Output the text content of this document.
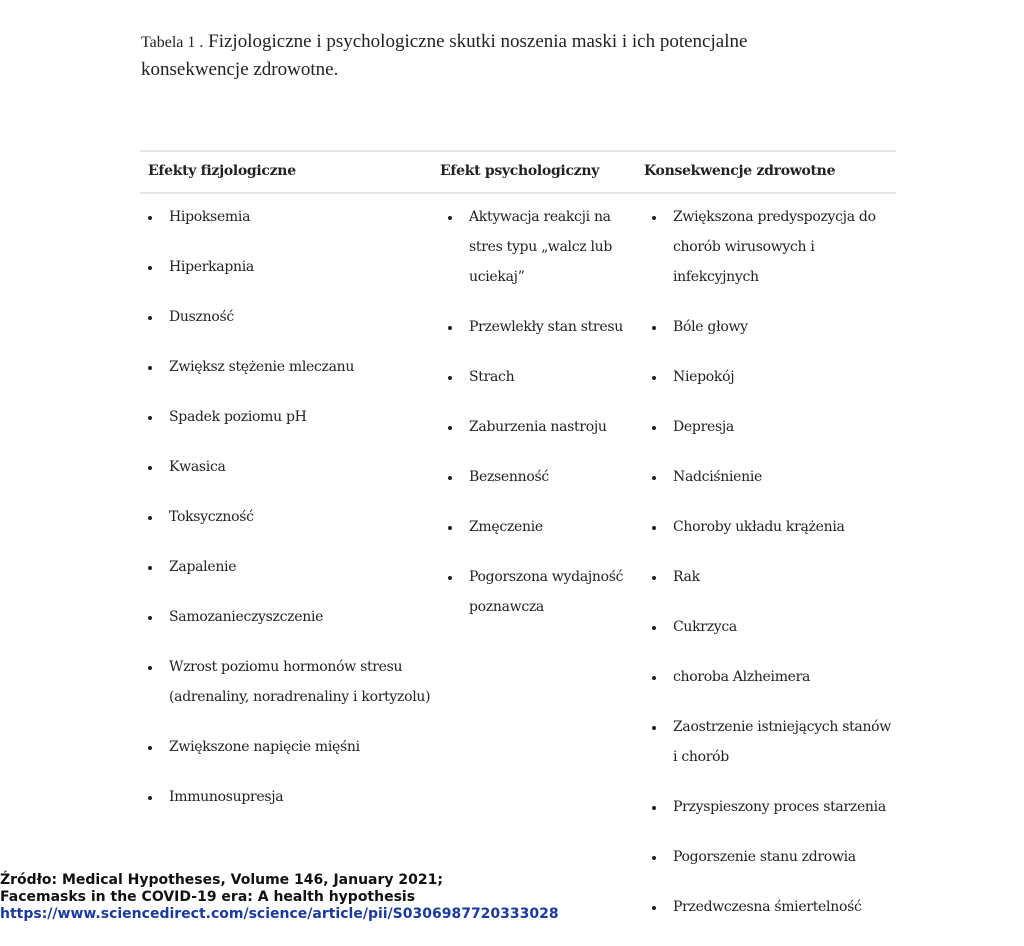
Tabela 1 . Fizjologiczne i psychologiczne skutki noszenia maski i ich potencjalne konsekwencje zdrowotne.
Efekty fizjologiczne	Efekt psychologiczny	Konsekwencje zdrowotne
Hipoksemia
Hiperkapnia
Duszność
Zwiększ stężenie mleczanu
Spadek poziomu pH
Kwasica
Toksyczność
Zapalenie
Samozanieczyszczenie
Wzrost poziomu hormonów stresu (adrenaliny, noradrenaliny i kortyzolu)
Zwiększone napięcie mięśni
Immunosupresja
Aktywacja reakcji na stres typu „walcz lub uciekaj”
Przewlekły stan stresu
Strach
Zaburzenia nastroju
Bezsenność
Zmęczenie
Pogorszona wydajność poznawcza
Zwiększona predyspozycja do chorób wirusowych i infekcyjnych
Bóle głowy
Niepokój
Depresja
Nadciśnienie
Choroby układu krążenia
Rak
Cukrzyca
choroba Alzheimera
Zaostrzenie istniejących stanów i chorób
Przyspieszony proces starzenia
Pogorszenie stanu zdrowia
Przedwczesna śmiertelność
Źródło: Medical Hypotheses, Volume 146, January 2021;
Facemasks in the COVID-19 era: A health hypothesis
https://www.sciencedirect.com/science/article/pii/S0306987720333028
